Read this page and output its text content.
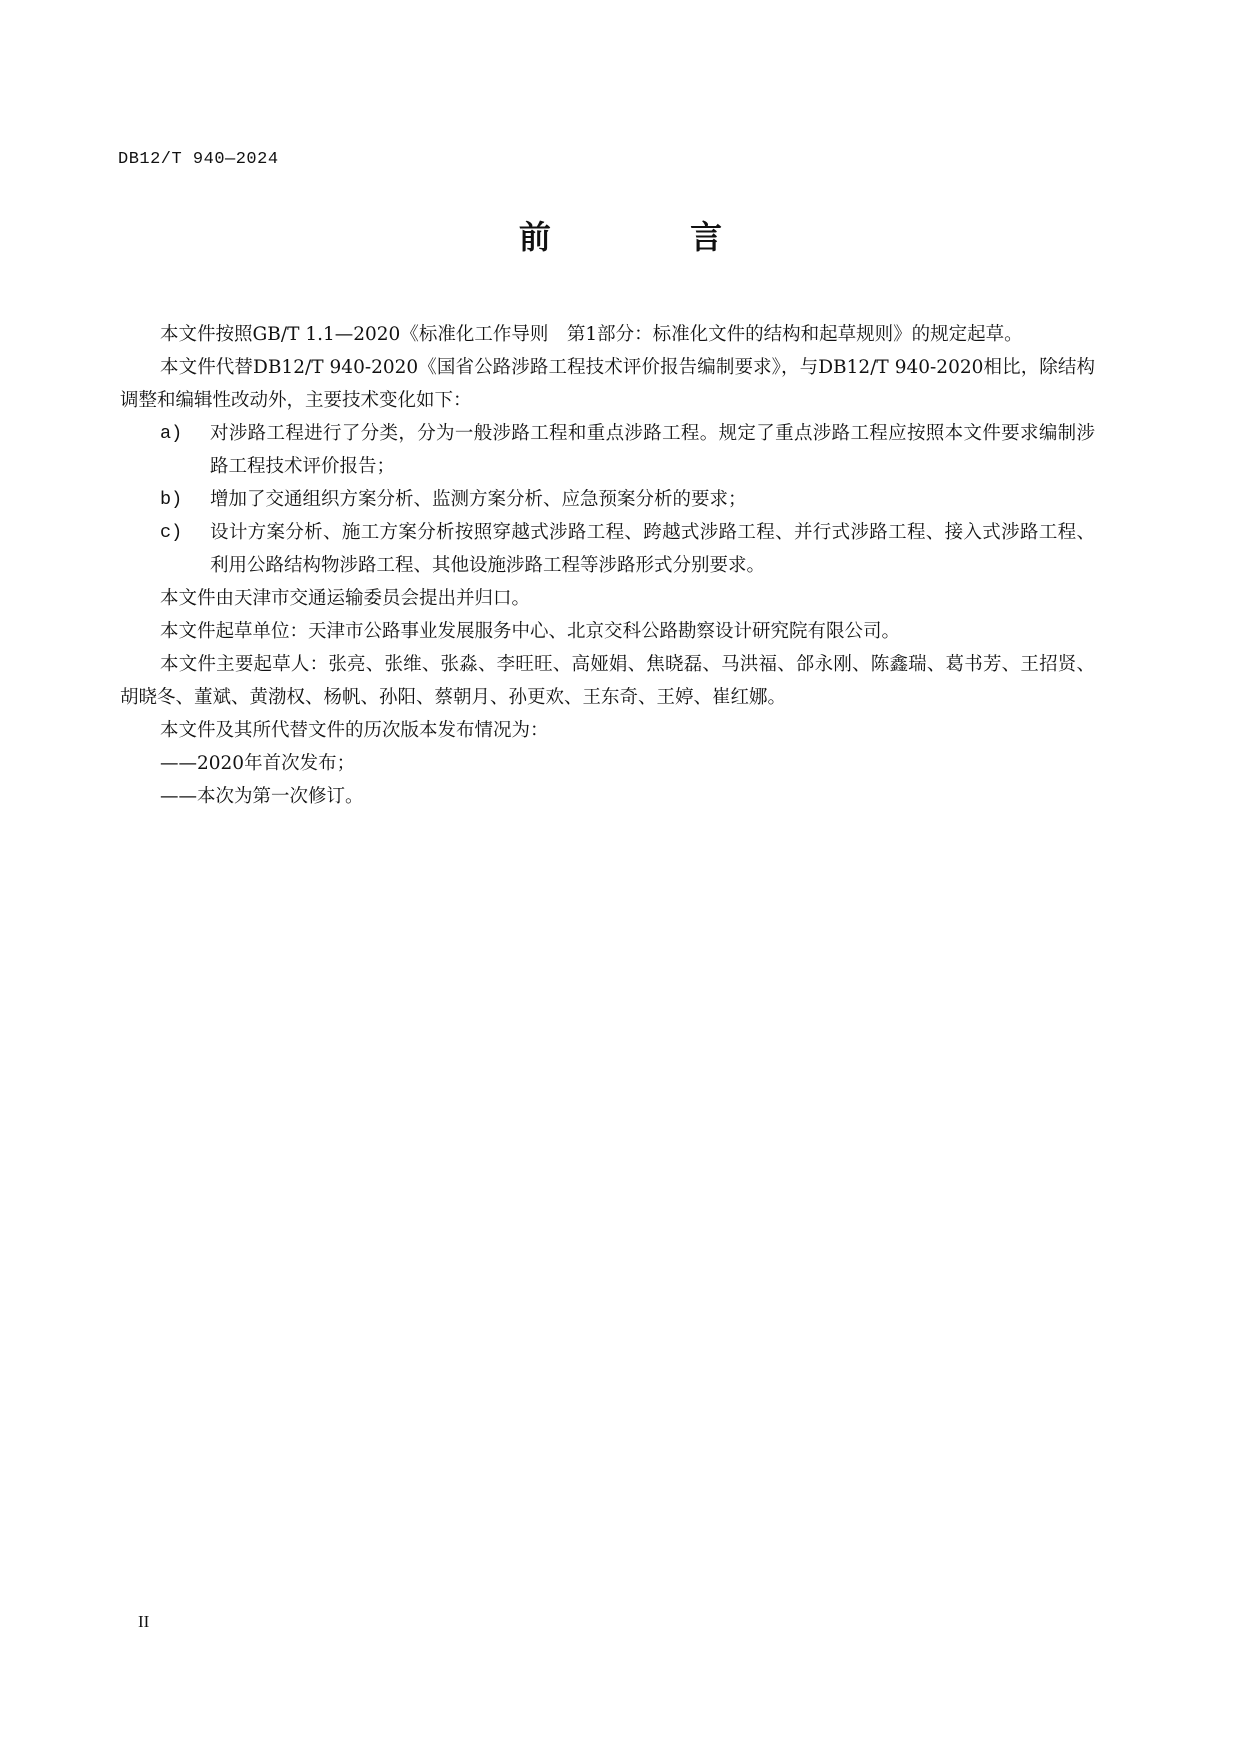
DB12/T 940—2024
前 言

本文件按照GB/T 1.1—2020《标准化工作导则　第1部分：标准化文件的结构和起草规则》的规定起草。

本文件代替DB12/T 940-2020《国省公路涉路工程技术评价报告编制要求》，与DB12/T 940-2020相比，除结构调整和编辑性改动外，主要技术变化如下：

a) 对涉路工程进行了分类，分为一般涉路工程和重点涉路工程。规定了重点涉路工程应按照本文件要求编制涉路工程技术评价报告；
b) 增加了交通组织方案分析、监测方案分析、应急预案分析的要求；
c) 设计方案分析、施工方案分析按照穿越式涉路工程、跨越式涉路工程、并行式涉路工程、接入式涉路工程、利用公路结构物涉路工程、其他设施涉路工程等涉路形式分别要求。

本文件由天津市交通运输委员会提出并归口。

本文件起草单位：天津市公路事业发展服务中心、北京交科公路勘察设计研究院有限公司。

本文件主要起草人：张亮、张维、张淼、李旺旺、高娅娟、焦晓磊、马洪福、郃永刚、陈鑫瑞、葛书芳、王招贤、胡晓冬、董斌、黄渤权、杨帆、孙阳、蔡朝月、孙更欢、王东奇、王婷、崔红娜。

本文件及其所代替文件的历次版本发布情况为：

——2020年首次发布；

——本次为第一次修订。

II
